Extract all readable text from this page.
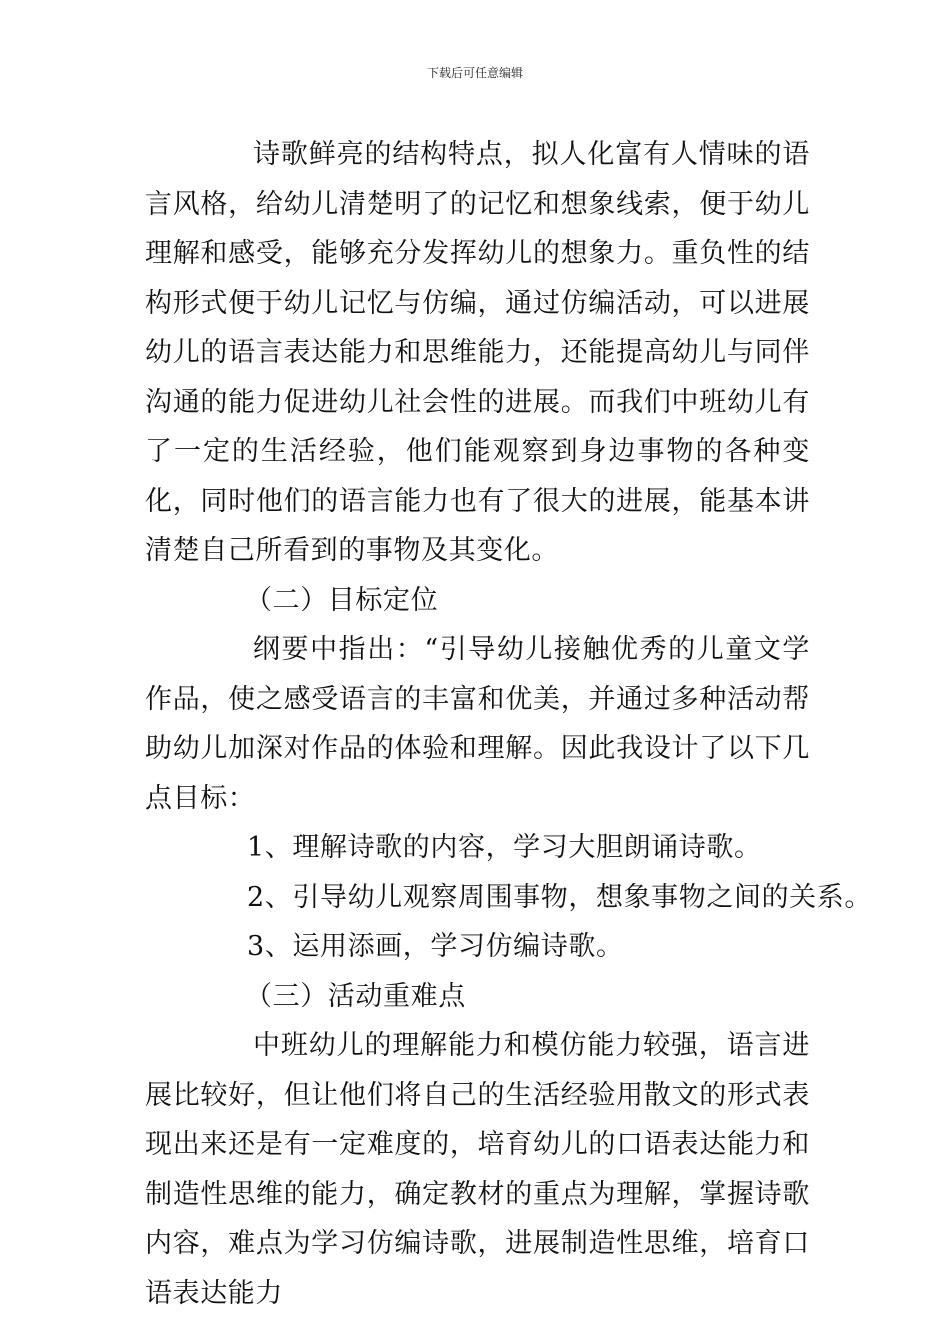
下载后可任意编辑

诗歌鲜亮的结构特点，拟人化富有人情味的语言风格，给幼儿清楚明了的记忆和想象线索，便于幼儿理解和感受，能够充分发挥幼儿的想象力。重负性的结构形式便于幼儿记忆与仿编，通过仿编活动，可以进展幼儿的语言表达能力和思维能力，还能提高幼儿与同伴沟通的能力促进幼儿社会性的进展。而我们中班幼儿有了一定的生活经验，他们能观察到身边事物的各种变化，同时他们的语言能力也有了很大的进展，能基本讲清楚自己所看到的事物及其变化。

（二）目标定位

纲要中指出：“引导幼儿接触优秀的儿童文学作品，使之感受语言的丰富和优美，并通过多种活动帮助幼儿加深对作品的体验和理解。因此我设计了以下几点目标：

1、理解诗歌的内容，学习大胆朗诵诗歌。

2、引导幼儿观察周围事物，想象事物之间的关系。

3、运用添画，学习仿编诗歌。

（三）活动重难点

中班幼儿的理解能力和模仿能力较强，语言进展比较好，但让他们将自己的生活经验用散文的形式表现出来还是有一定难度的，培育幼儿的口语表达能力和制造性思维的能力，确定教材的重点为理解，掌握诗歌内容，难点为学习仿编诗歌，进展制造性思维，培育口语表达能力
